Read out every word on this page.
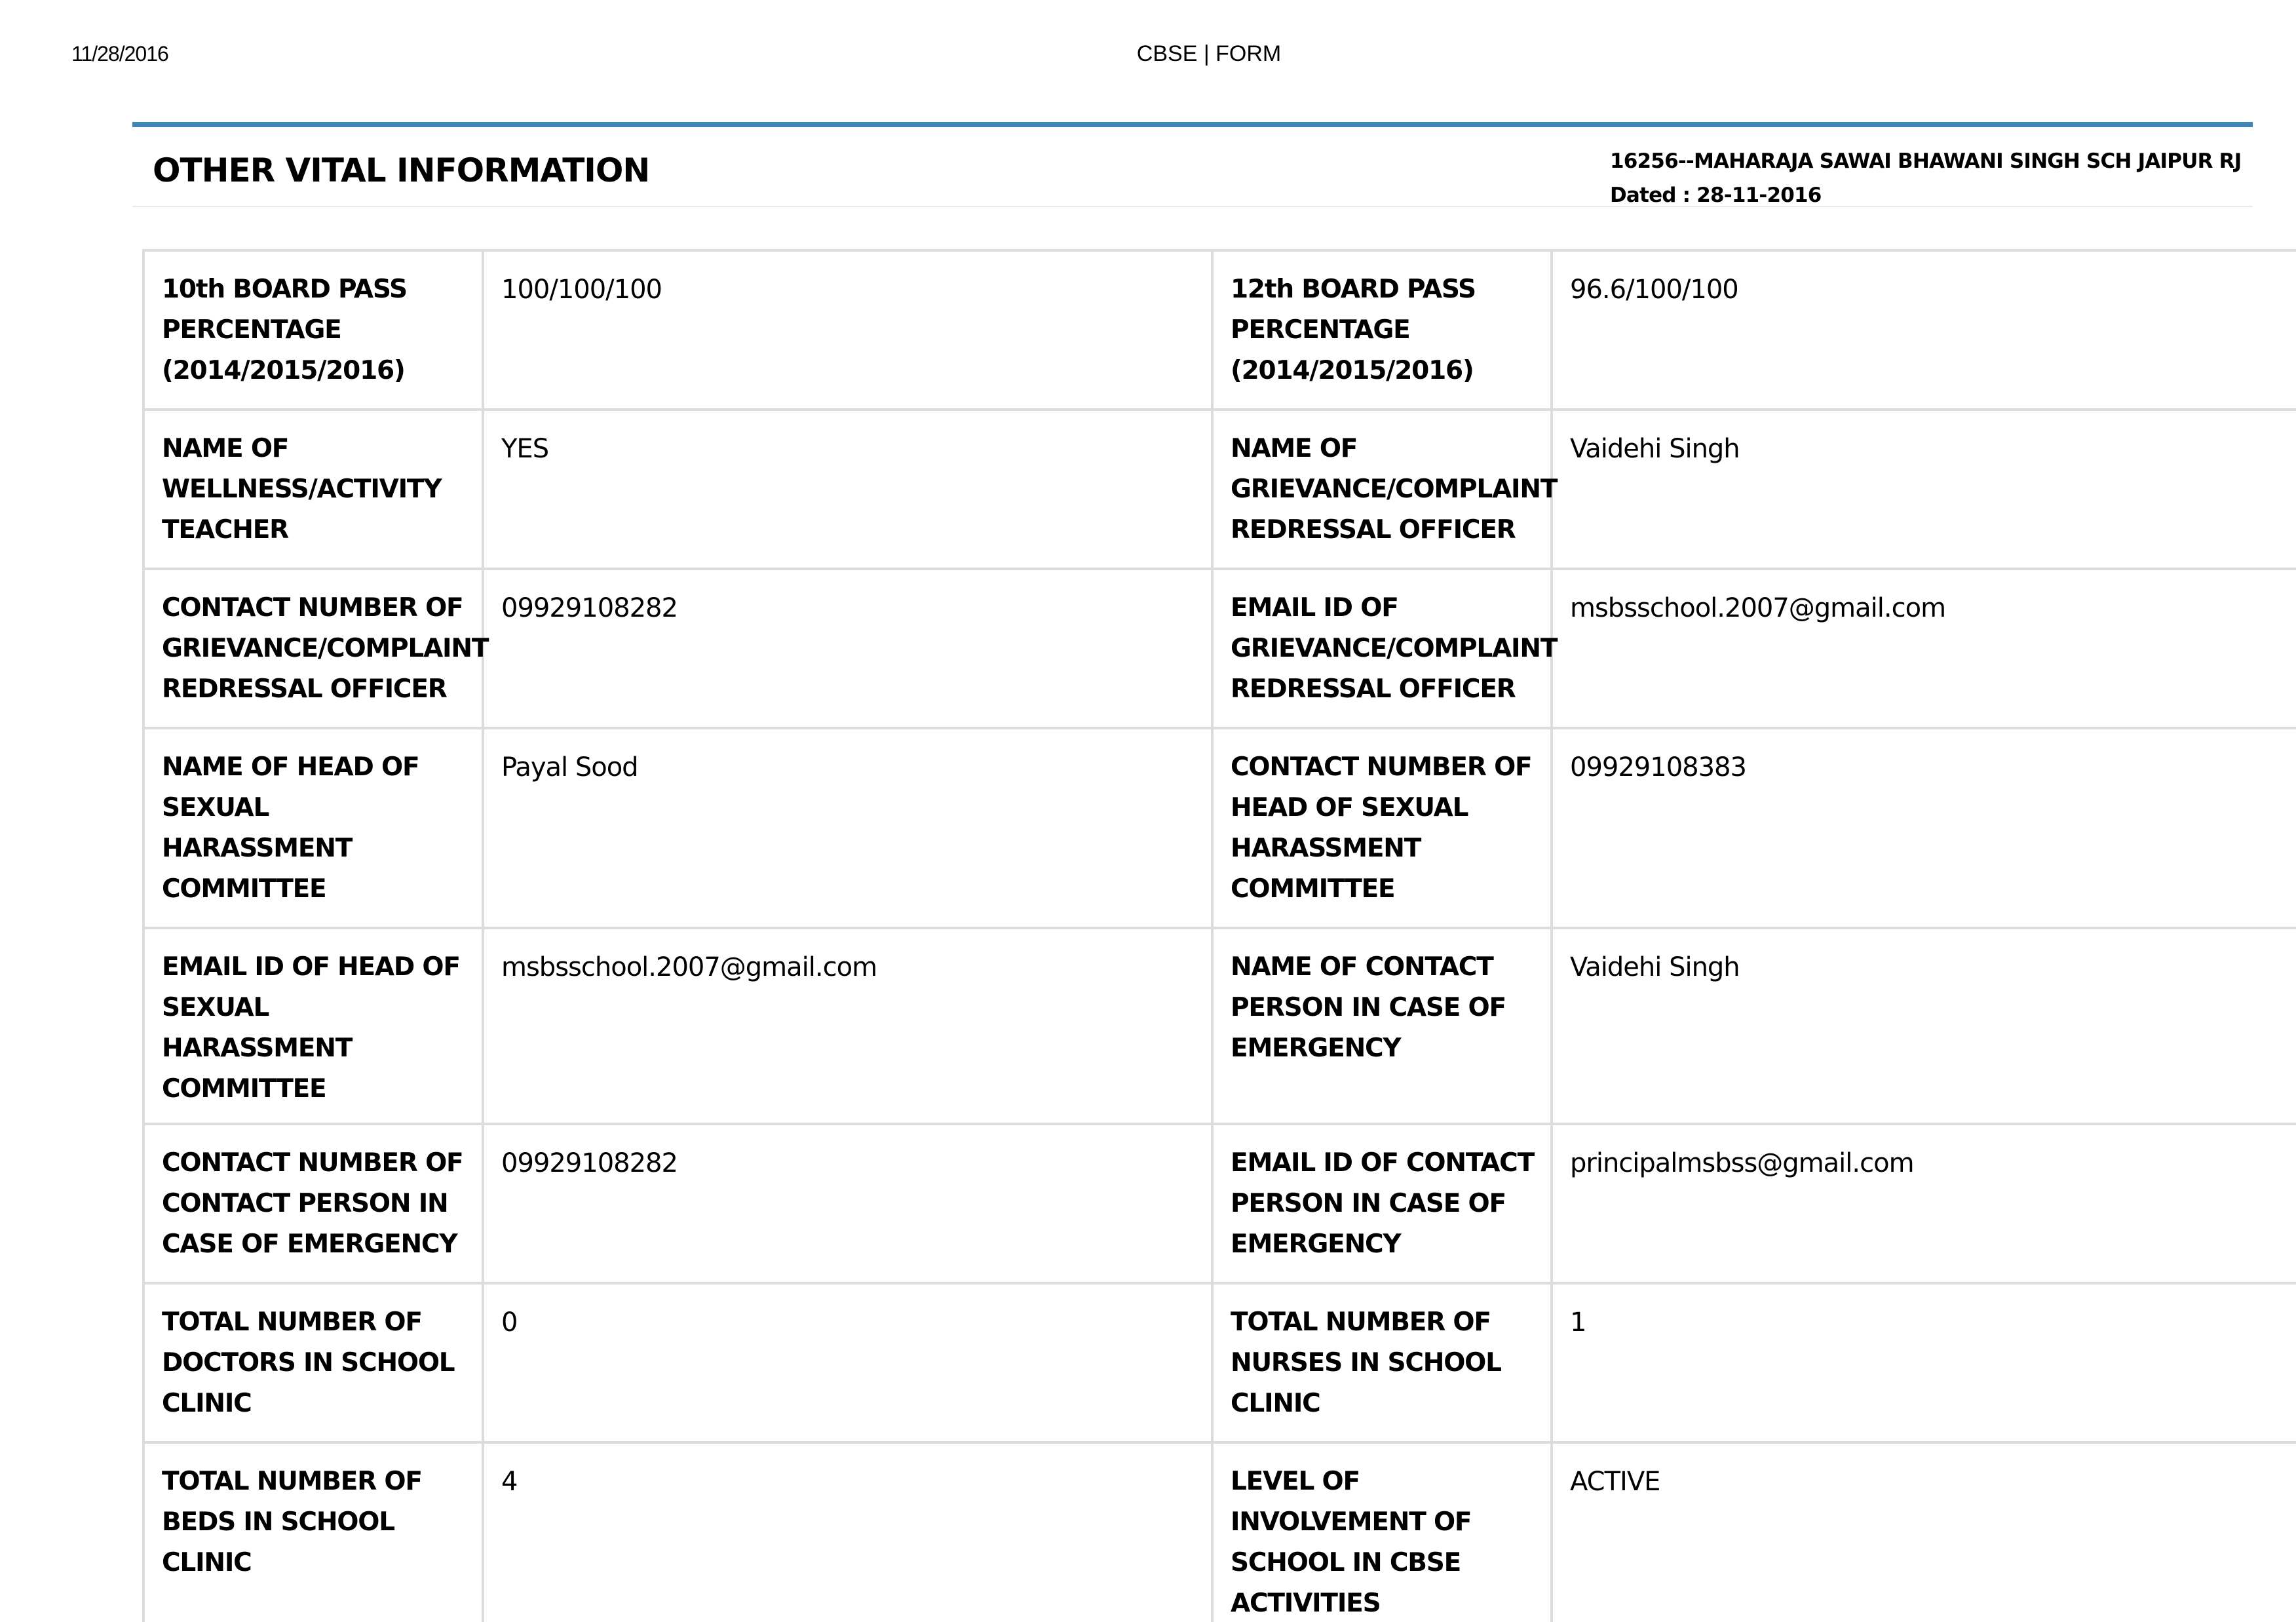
11/28/2016	CBSE | FORM
OTHER VITAL INFORMATION	16256--MAHARAJA SAWAI BHAWANI SINGH SCH JAIPUR RJ
Dated : 28-11-2016
10th BOARD PASS PERCENTAGE (2014/2015/2016)	100/100/100	12th BOARD PASS PERCENTAGE (2014/2015/2016)	96.6/100/100
NAME OF WELLNESS/ACTIVITY TEACHER	YES	NAME OF GRIEVANCE/COMPLAINT REDRESSAL OFFICER	Vaidehi Singh
CONTACT NUMBER OF GRIEVANCE/COMPLAINT REDRESSAL OFFICER	09929108282	EMAIL ID OF GRIEVANCE/COMPLAINT REDRESSAL OFFICER	msbsschool.2007@gmail.com
NAME OF HEAD OF SEXUAL HARASSMENT COMMITTEE	Payal Sood	CONTACT NUMBER OF HEAD OF SEXUAL HARASSMENT COMMITTEE	09929108383
EMAIL ID OF HEAD OF SEXUAL HARASSMENT COMMITTEE	msbsschool.2007@gmail.com	NAME OF CONTACT PERSON IN CASE OF EMERGENCY	Vaidehi Singh
CONTACT NUMBER OF CONTACT PERSON IN CASE OF EMERGENCY	09929108282	EMAIL ID OF CONTACT PERSON IN CASE OF EMERGENCY	principalmsbss@gmail.com
TOTAL NUMBER OF DOCTORS IN SCHOOL CLINIC	0	TOTAL NUMBER OF NURSES IN SCHOOL CLINIC	1
TOTAL NUMBER OF BEDS IN SCHOOL CLINIC	4	LEVEL OF INVOLVEMENT OF SCHOOL IN CBSE ACTIVITIES	ACTIVE
